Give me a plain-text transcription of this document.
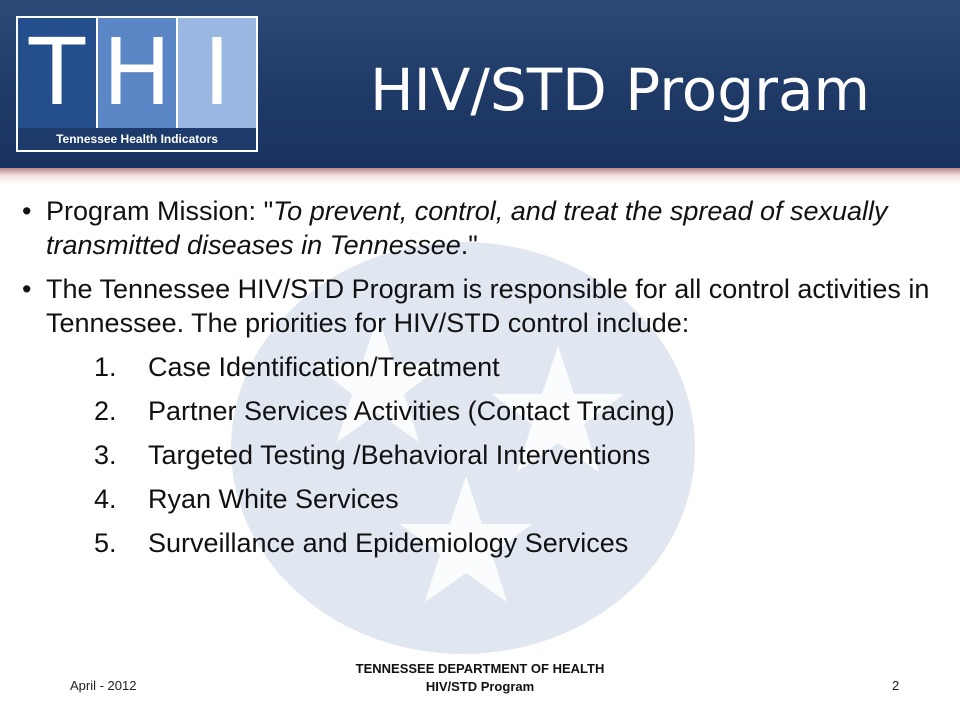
T H I
Tennessee Health Indicators
HIV/STD Program
• Program Mission: "To prevent, control, and treat the spread of sexually transmitted diseases in Tennessee."
• The Tennessee HIV/STD Program is responsible for all control activities in Tennessee. The priorities for HIV/STD control include:
1.	Case Identification/Treatment
2.	Partner Services Activities (Contact Tracing)
3.	Targeted Testing /Behavioral Interventions
4.	Ryan White Services
5.	Surveillance and Epidemiology Services
April - 2012
TENNESSEE DEPARTMENT OF HEALTH
HIV/STD Program	2
